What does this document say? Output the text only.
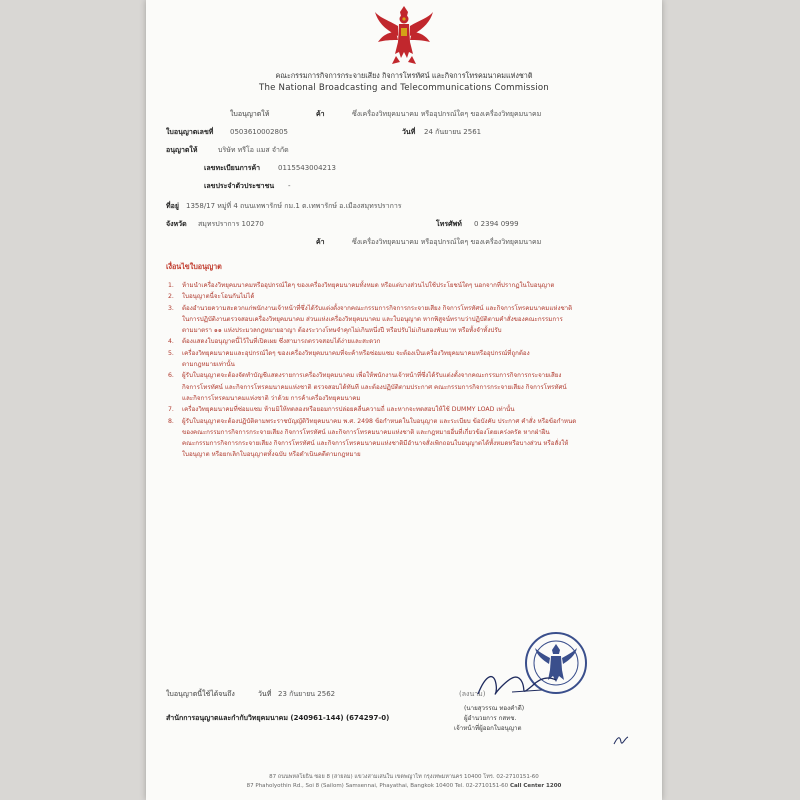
คณะกรรมการกิจการกระจายเสียง กิจการโทรทัศน์ และกิจการโทรคมนาคมแห่งชาติ
The National Broadcasting and Telecommunications Commission
ใบอนุญาตให้	ค้า	ซึ่งเครื่องวิทยุคมนาคม หรืออุปกรณ์ใดๆ ของเครื่องวิทยุคมนาคม
ใบอนุญาตเลขที่ 0503610002805	วันที่ 24 กันยายน 2561
อนุญาตให้	บริษัท ทรีโอ แมส จำกัด
เลขทะเบียนการค้า	0115543004213
เลขประจำตัวประชาชน -
ที่อยู่ 1358/17 หมู่ที่ 4 ถนนเทพารักษ์ กม.1 ต.เทพารักษ์ อ.เมืองสมุทรปราการ
จังหวัด สมุทรปราการ 10270	โทรศัพท์ 0 2394 0999
ค้า	ซึ่งเครื่องวิทยุคมนาคม หรืออุปกรณ์ใดๆ ของเครื่องวิทยุคมนาคม
เงื่อนไขใบอนุญาต
1. ห้ามนำเครื่องวิทยุคมนาคมหรืออุปกรณ์ใดๆ ของเครื่องวิทยุคมนาคมทั้งหมด หรือแต่บางส่วนไปใช้ประโยชน์ใดๆ นอกจากที่ปรากฏในใบอนุญาต
2. ใบอนุญาตนี้จะโอนกันไม่ได้
3. ต้องอำนวยความสะดวกแก่พนักงานเจ้าหน้าที่ซึ่งได้รับแต่งตั้งจากคณะกรรมการกิจการกระจายเสียง กิจการโทรทัศน์ และกิจการโทรคมนาคมแห่งชาติ
ในการปฏิบัติงานตรวจสอบเครื่องวิทยุคมนาคม ส่วนแห่งเครื่องวิทยุคมนาคม และใบอนุญาต หากพิสูจน์ทราบว่าปฏิบัติตามคำสั่งของคณะกรรมการ
ตามมาตรา ๑๑ แห่งประมวลกฎหมายอาญา ต้องระวางโทษจำคุกไม่เกินหนึ่งปี หรือปรับไม่เกินสองพันบาท หรือทั้งจำทั้งปรับ
4. ต้องแสดงใบอนุญาตนี้ไว้ในที่เปิดเผย ซึ่งสามารถตรวจสอบได้ง่ายและสะดวก
5. เครื่องวิทยุคมนาคมและอุปกรณ์ใดๆ ของเครื่องวิทยุคมนาคมที่จะค้าหรือซ่อมแซม จะต้องเป็นเครื่องวิทยุคมนาคมหรืออุปกรณ์ที่ถูกต้อง
ตามกฎหมายเท่านั้น
6. ผู้รับใบอนุญาตจะต้องจัดทำบัญชีแสดงรายการเครื่องวิทยุคมนาคม เพื่อให้พนักงานเจ้าหน้าที่ซึ่งได้รับแต่งตั้งจากคณะกรรมการกิจการกระจายเสียง
กิจการโทรทัศน์ และกิจการโทรคมนาคมแห่งชาติ ตรวจสอบได้ทันที และต้องปฏิบัติตามประกาศ คณะกรรมการกิจการกระจายเสียง กิจการโทรทัศน์
และกิจการโทรคมนาคมแห่งชาติ ว่าด้วย การค้าเครื่องวิทยุคมนาคม
7. เครื่องวิทยุคมนาคมที่ซ่อมแซม ห้ามมิให้ทดลองหรือยอมการปล่อยคลื่นความถี่ และหากจะทดสอบให้ใช้ DUMMY LOAD เท่านั้น
8. ผู้รับใบอนุญาตจะต้องปฏิบัติตามพระราชบัญญัติวิทยุคมนาคม พ.ศ. 2498 ข้อกำหนดในใบอนุญาต และระเบียบ ข้อบังคับ ประกาศ คำสั่ง หรือข้อกำหนด
ของคณะกรรมการกิจการกระจายเสียง กิจการโทรทัศน์ และกิจการโทรคมนาคมแห่งชาติ และกฎหมายอื่นที่เกี่ยวข้องโดยเคร่งครัด หากฝ่าฝืน
คณะกรรมการกิจการกระจายเสียง กิจการโทรทัศน์ และกิจการโทรคมนาคมแห่งชาติมีอำนาจสั่งเพิกถอนใบอนุญาตได้ทั้งหมดหรือบางส่วน หรือสั่งให้
ใบอนุญาต หรือยกเลิกใบอนุญาตทั้งฉบับ หรือดำเนินคดีตามกฎหมาย
ใบอนุญาตนี้ใช้ได้จนถึง	วันที่ 23 กันยายน 2562	(ลงนาม)
สำนักการอนุญาตและกำกับวิทยุคมนาคม (240961-144) (674297-0)
(นายสุวรรณ ทองคำดี)
ผู้อำนวยการ กสทช.
เจ้าหน้าที่ผู้ออกใบอนุญาต
87 ถนนพหลโยธิน ซอย 8 (สายลม) แขวงสามเสนใน เขตพญาไท กรุงเทพมหานคร 10400 โทร. 02-2710151-60
87 Phaholyothin Rd., Soi 8 (Sailom) Samsennai, Phayathai, Bangkok 10400 Tel. 02-2710151-60 Call Center 1200
